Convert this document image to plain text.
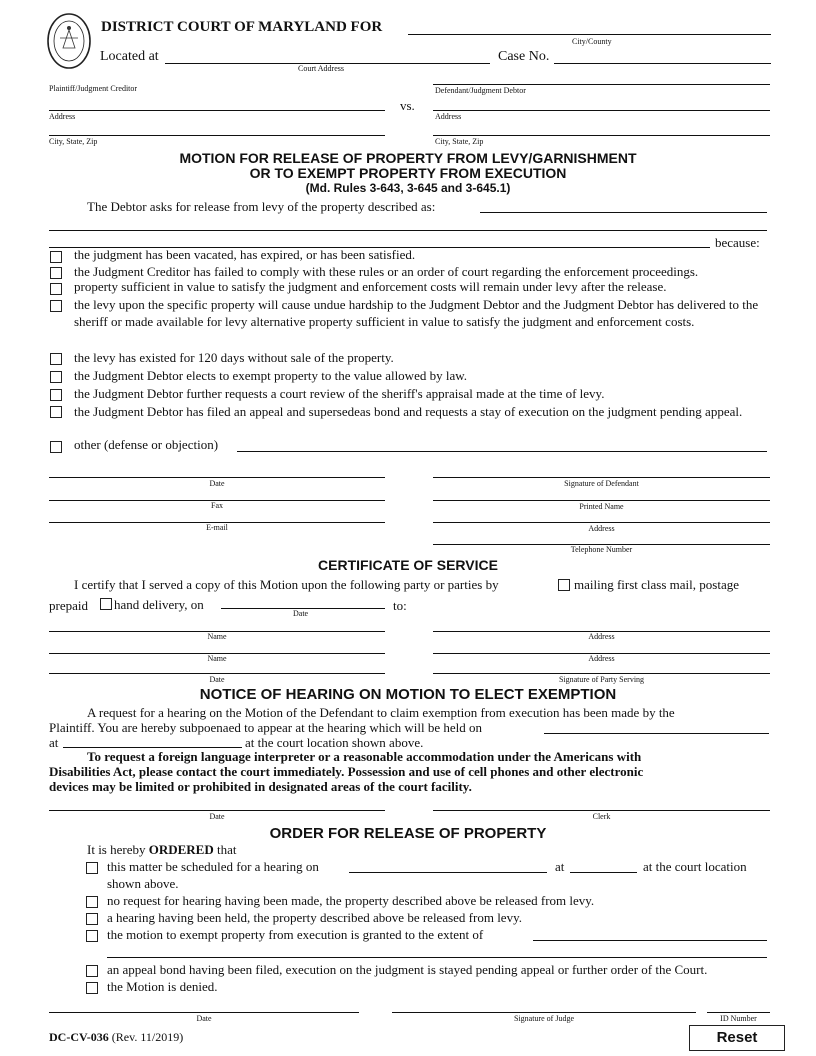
DISTRICT COURT OF MARYLAND FOR
City/County
Located at
Court Address
Case No.
Plaintiff/Judgment Creditor
Address
City, State, Zip
vs.
Defendant/Judgment Debtor
Address
City, State, Zip
MOTION FOR RELEASE OF PROPERTY FROM LEVY/GARNISHMENT
OR TO EXEMPT PROPERTY FROM EXECUTION
(Md. Rules 3-643, 3-645 and 3-645.1)
The Debtor asks for release from levy of the property described as:
because:
the judgment has been vacated, has expired, or has been satisfied.
the Judgment Creditor has failed to comply with these rules or an order of court regarding the enforcement proceedings.
property sufficient in value to satisfy the judgment and enforcement costs will remain under levy after the release.
the levy upon the specific property will cause undue hardship to the Judgment Debtor and the Judgment Debtor has delivered to the sheriff or made available for levy alternative property sufficient in value to satisfy the judgment and enforcement costs.
the levy has existed for 120 days without sale of the property.
the Judgment Debtor elects to exempt property to the value allowed by law.
the Judgment Debtor further requests a court review of the sheriff's appraisal made at the time of levy.
the Judgment Debtor has filed an appeal and supersedeas bond and requests a stay of execution on the judgment pending appeal.
other (defense or objection)
Date	Signature of Defendant
Fax	Printed Name
E-mail	Address
Telephone Number
CERTIFICATE OF SERVICE
I certify that I served a copy of this Motion upon the following party or parties by	mailing first class mail, postage
prepaid hand delivery, on
Date
to:
Name	Address
Name	Address
Date	Signature of Party Serving
NOTICE OF HEARING ON MOTION TO ELECT EXEMPTION
A request for a hearing on the Motion of the Defendant to claim exemption from execution has been made by the
Plaintiff. You are hereby subpoenaed to appear at the hearing which will be held on
at	at the court location shown above.
To request a foreign language interpreter or a reasonable accommodation under the Americans with
Disabilities Act, please contact the court immediately. Possession and use of cell phones and other electronic
devices may be limited or prohibited in designated areas of the court facility.
Date	Clerk
ORDER FOR RELEASE OF PROPERTY
It is hereby ORDERED that
this matter be scheduled for a hearing on	at	at the court location
shown above.
no request for hearing having been made, the property described above be released from levy.
a hearing having been held, the property described above be released from levy.
the motion to exempt property from execution is granted to the extent of
an appeal bond having been filed, execution on the judgment is stayed pending appeal or further order of the Court.
the Motion is denied.
Date	Signature of Judge	ID Number
DC-CV-036 (Rev. 11/2019)	Reset
